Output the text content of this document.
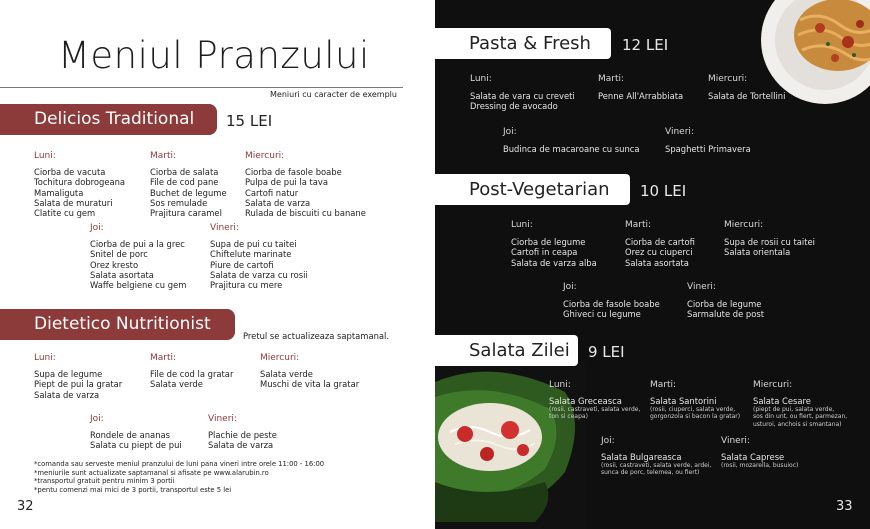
Meniul Pranzului
Meniuri cu caracter de exemplu
Delicios Traditional	15 LEI
Luni:
Ciorba de vacuta
Tochitura dobrogeana
Mamaliguta
Salata de muraturi
Clatite cu gem
Marti:
Ciorba de salata
File de cod pane
Buchet de legume
Sos remulade
Prajitura caramel
Miercuri:
Ciorba de fasole boabe
Pulpa de pui la tava
Cartofi natur
Salata de varza
Rulada de biscuiti cu banane
Joi:
Ciorba de pui a la grec
Snitel de porc
Orez kresto
Salata asortata
Waffe belgiene cu gem
Vineri:
Supa de pui cu taitei
Chiftelute marinate
Piure de cartofi
Salata de varza cu rosii
Prajitura cu mere
Dietetico Nutritionist
Pretul se actualizeaza saptamanal.
Luni:
Supa de legume
Piept de pui la gratar
Salata de varza
Marti:
File de cod la gratar
Salata verde
Miercuri:
Salata verde
Muschi de vita la gratar
Joi:
Rondele de ananas
Salata cu piept de pui
Vineri:
Plachie de peste
Salata de varza
*comanda sau serveste meniul pranzului de luni pana vineri intre orele 11:00 - 16:00
*meniurile sunt actualizate saptamanal si afisate pe www.alarubin.ro
*transportul gratuit pentru minim 3 portii
*pentu comenzi mai mici de 3 portii, transportul este 5 lei
32
Pasta & Fresh	12 LEI
Luni:
Salata de vara cu creveti
Dressing de avocado
Marti:
Penne All'Arrabbiata
Miercuri:
Salata de Tortellini
Joi:
Budinca de macaroane cu sunca
Vineri:
Spaghetti Primavera
Post-Vegetarian	10 LEI
Luni:
Ciorba de legume
Cartofi in ceapa
Salata de varza alba
Marti:
Ciorba de cartofi
Orez cu ciuperci
Salata asortata
Miercuri:
Supa de rosii cu taitei
Salata orientala
Joi:
Ciorba de fasole boabe
Ghiveci cu legume
Vineri:
Ciorba de legume
Sarmalute de post
Salata Zilei	9 LEI
Luni:
Salata Greceasca
(rosii, castraveti, salata verde,
ton si ceapa)
Marti:
Salata Santorini
(rosii, ciuperci, salata verde,
gorgonzola si bacon la gratar)
Miercuri:
Salata Cesare
(piept de pui, salata verde,
sos din unt, ou fiert, parmezan,
usturoi, anchois si smantana)
Joi:
Salata Bulgareasca
(rosii, castraveti, salata verde, ardei,
sunca de porc, telemea, ou fiert)
Vineri:
Salata Caprese
(rosii, mozarella, busuioc)
33
